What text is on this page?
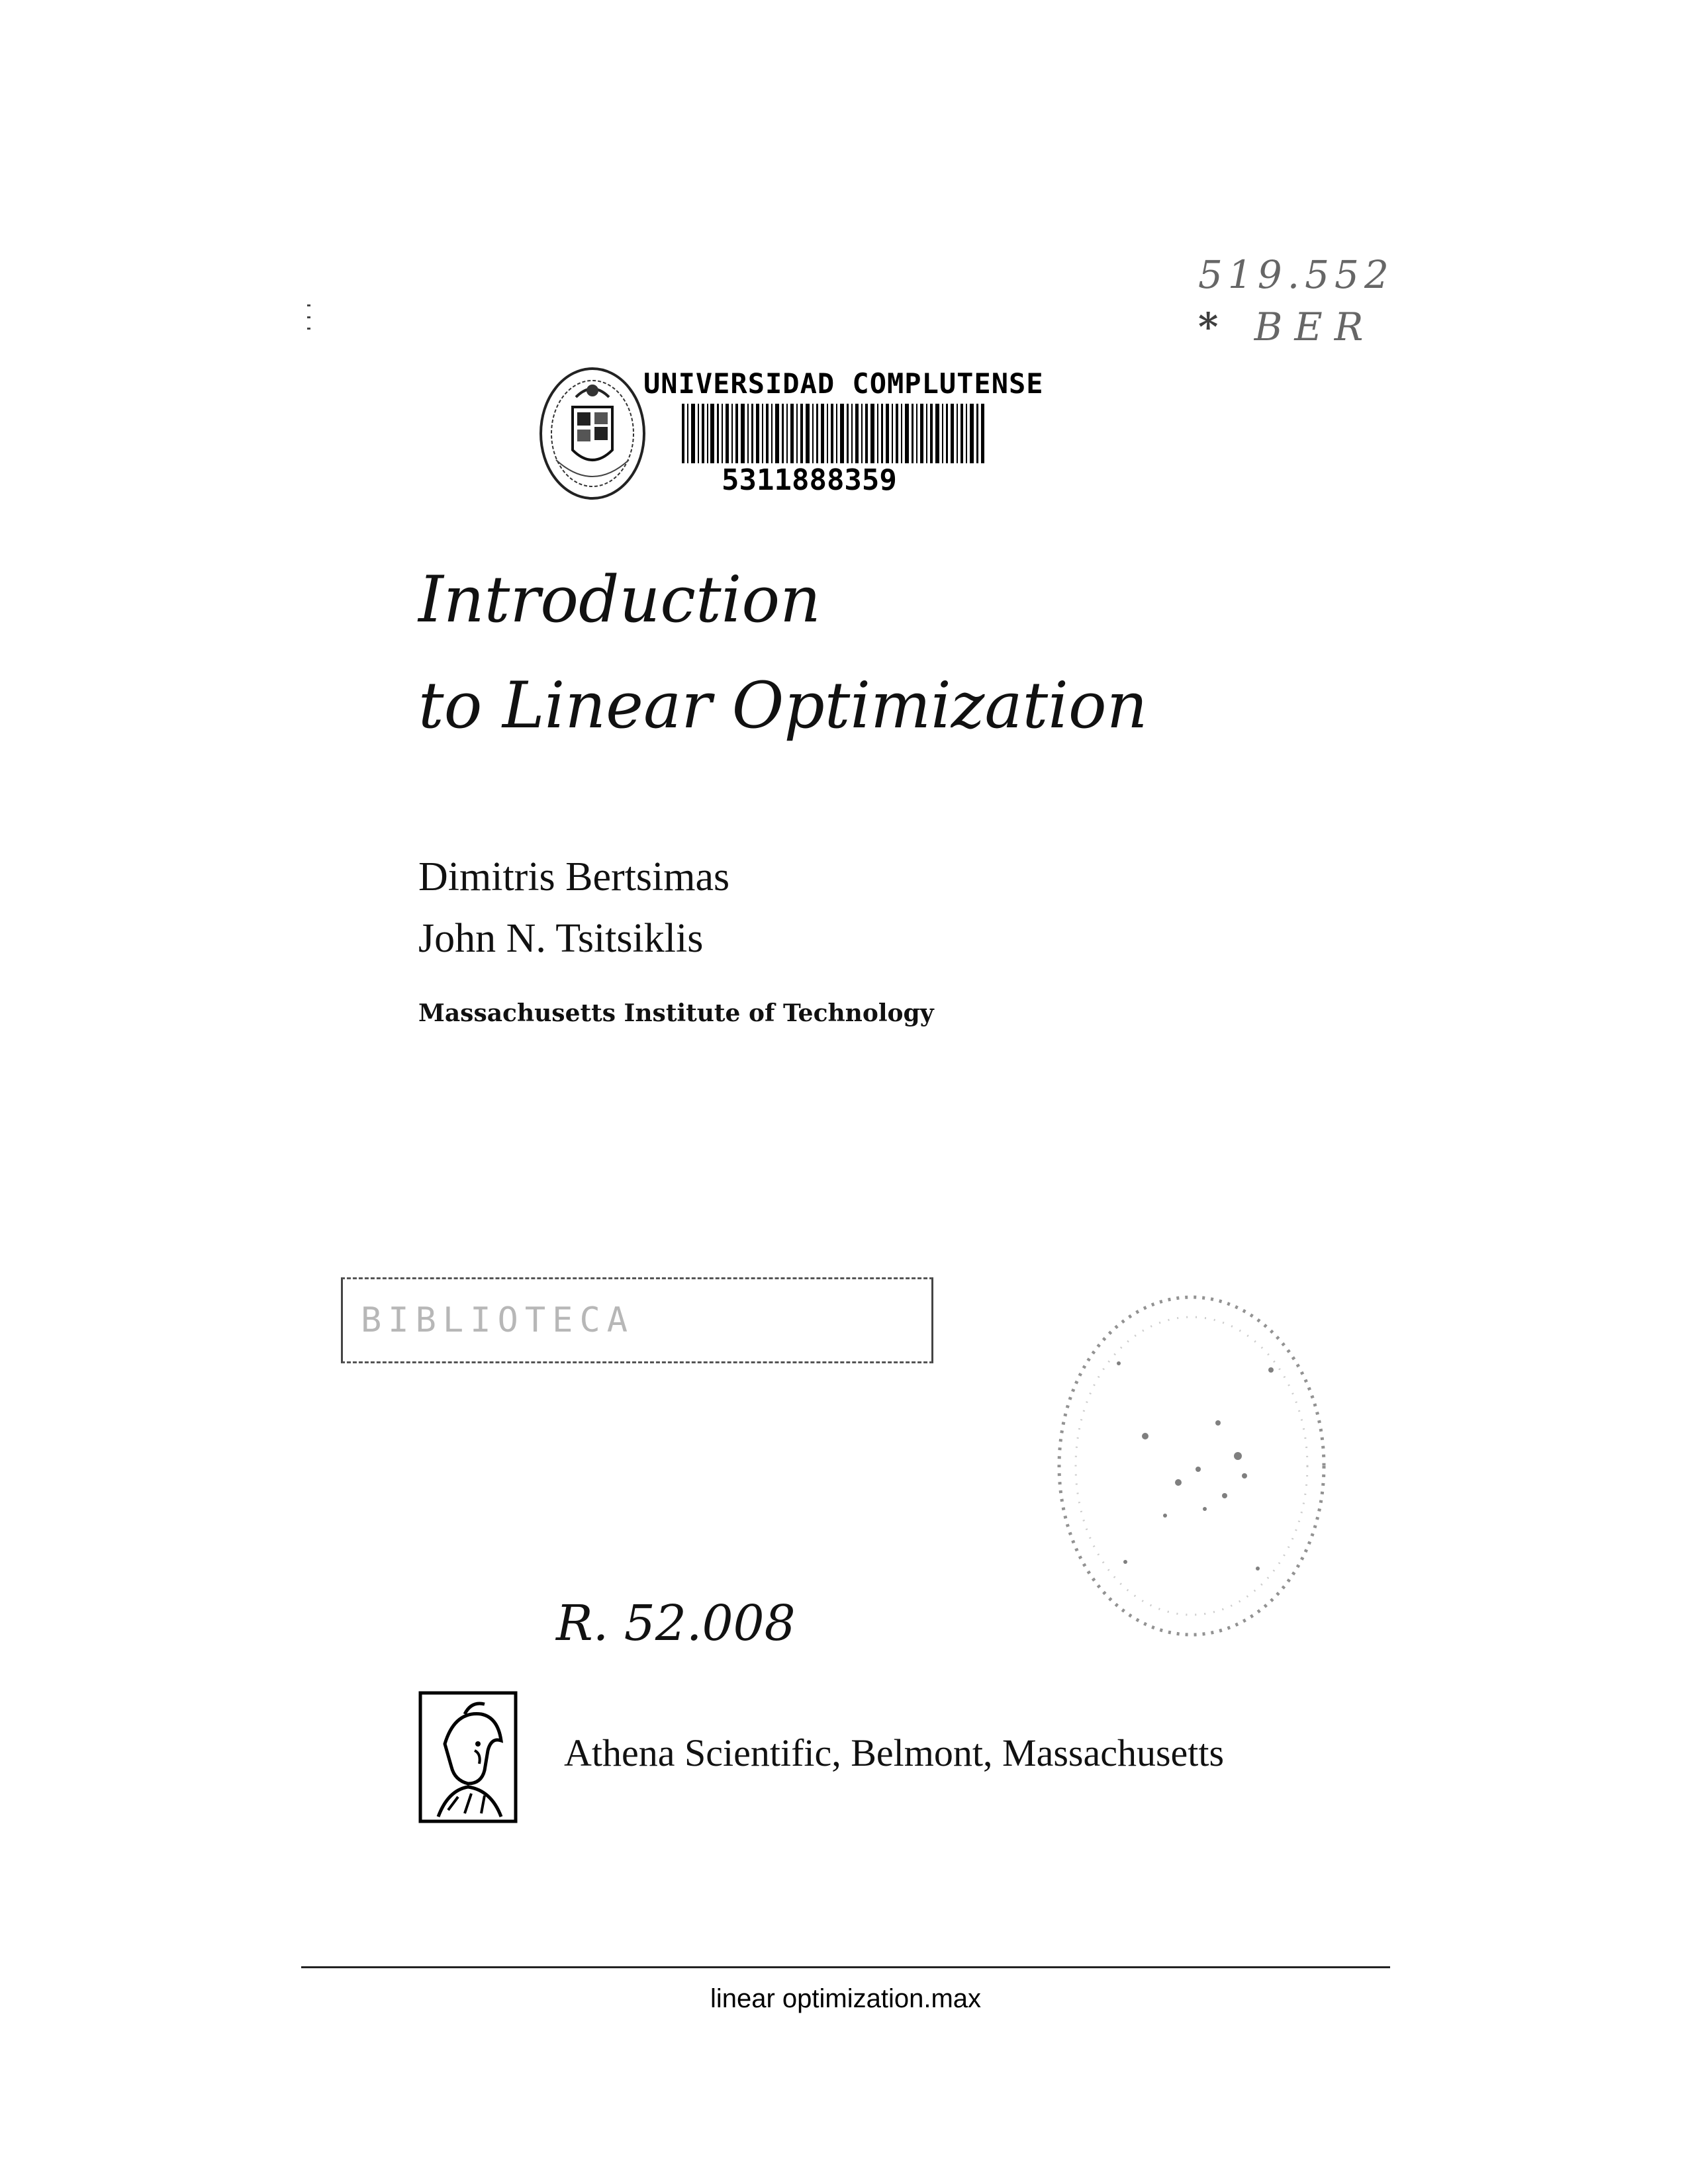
519.552
* BER
UNIVERSIDAD COMPLUTENSE
5311888359
Introduction
to Linear Optimization
Dimitris Bertsimas
John N. Tsitsiklis
Massachusetts Institute of Technology
BIBLIOTECA
R. 52.008
Athena Scientific, Belmont, Massachusetts
linear optimization.max
